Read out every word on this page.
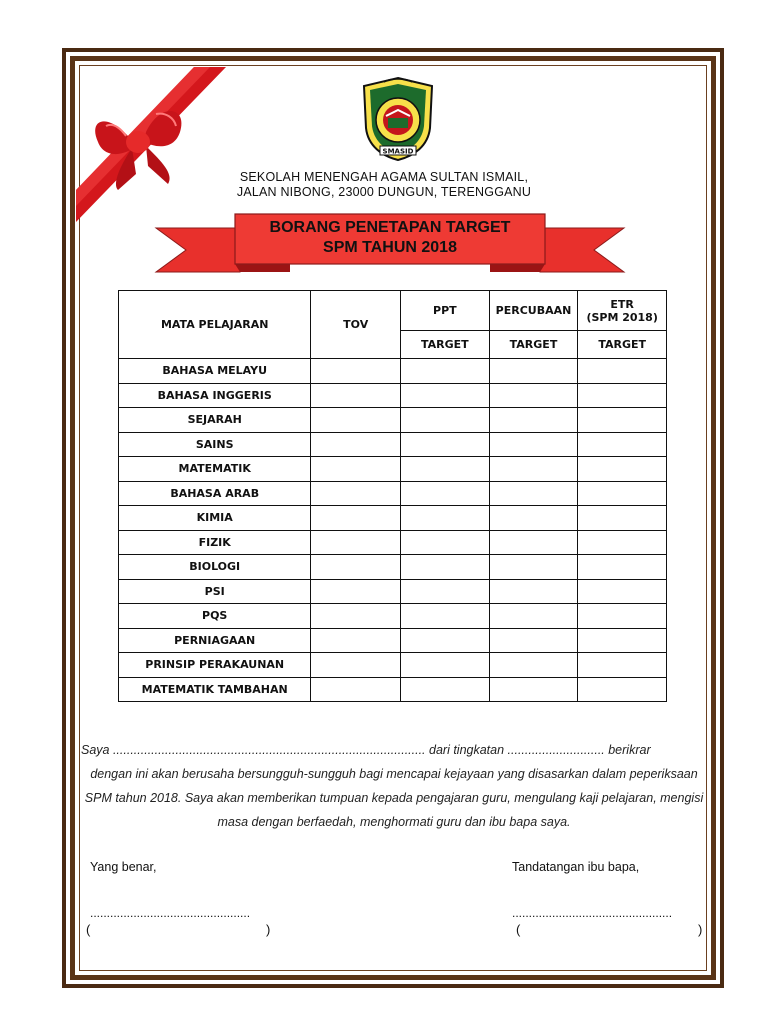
SMASID
SEKOLAH MENENGAH AGAMA SULTAN ISMAIL,
JALAN NIBONG, 23000 DUNGUN, TERENGGANU
BORANG PENETAPAN TARGET
SPM TAHUN 2018
MATA PELAJARAN	TOV	PPT	PERCUBAAN	ETR
(SPM 2018)

		TARGET	TARGET	TARGET
BAHASA MELAYU				
BAHASA INGGERIS				
SEJARAH				
SAINS				
MATEMATIK				
BAHASA ARAB				
KIMIA				
FIZIK				
BIOLOGI				
PSI				
PQS				
PERNIAGAAN				
PRINSIP PERAKAUNAN				
MATEMATIK TAMBAHAN				
Saya .......................................................................................... dari tingkatan ............................ berikrar
dengan ini akan berusaha bersungguh-sungguh bagi mencapai kejayaan yang disasarkan dalam peperiksaan
SPM tahun 2018. Saya akan memberikan tumpuan kepada pengajaran guru, mengulang kaji pelajaran, mengisi
masa dengan berfaedah, menghormati guru dan ibu bapa saya.
Yang benar,	Tandatangan ibu bapa,
................................................
(	)
................................................
(	)
